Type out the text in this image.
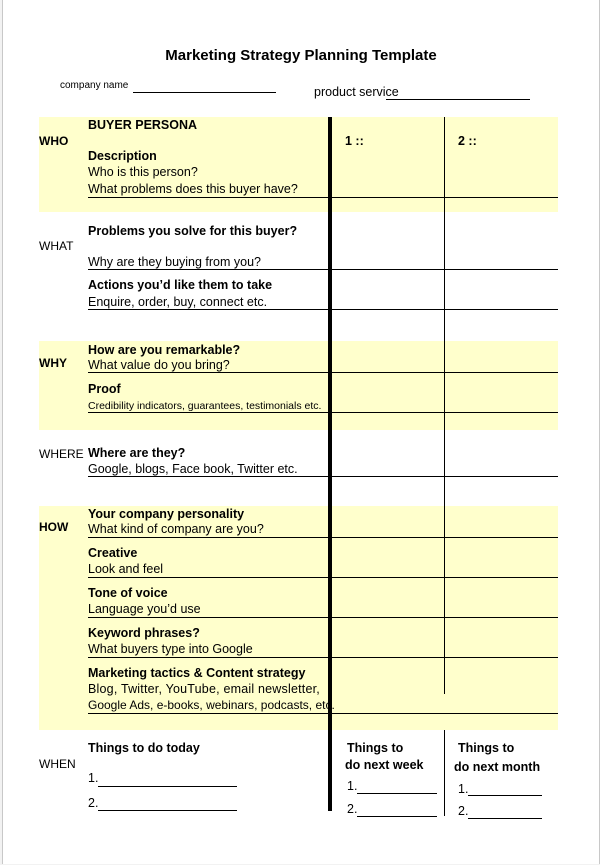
Marketing Strategy Planning Template
company name	product service
1 ::	2 ::
WHO
BUYER PERSONA
Description
Who is this person?
What problems does this buyer have?
WHAT
Problems you solve for this buyer?
Why are they buying from you?
Actions you’d like them to take
Enquire, order, buy, connect etc.
WHY
How are you remarkable?
What value do you bring?
Proof
Credibility indicators, guarantees, testimonials etc.
WHERE Where are they?
Google, blogs, Face book, Twitter etc.
HOW
Your company personality
What kind of company are you?
Creative
Look and feel
Tone of voice
Language you’d use
Keyword phrases?
What buyers type into Google
Marketing tactics & Content strategy
Blog, Twitter, YouTube, email newsletter,
Google Ads, e-books, webinars, podcasts, etc.
WHEN
Things to do today
1.
2.
Things to
do next week
1.
2.
Things to
do next month
1.
2.
